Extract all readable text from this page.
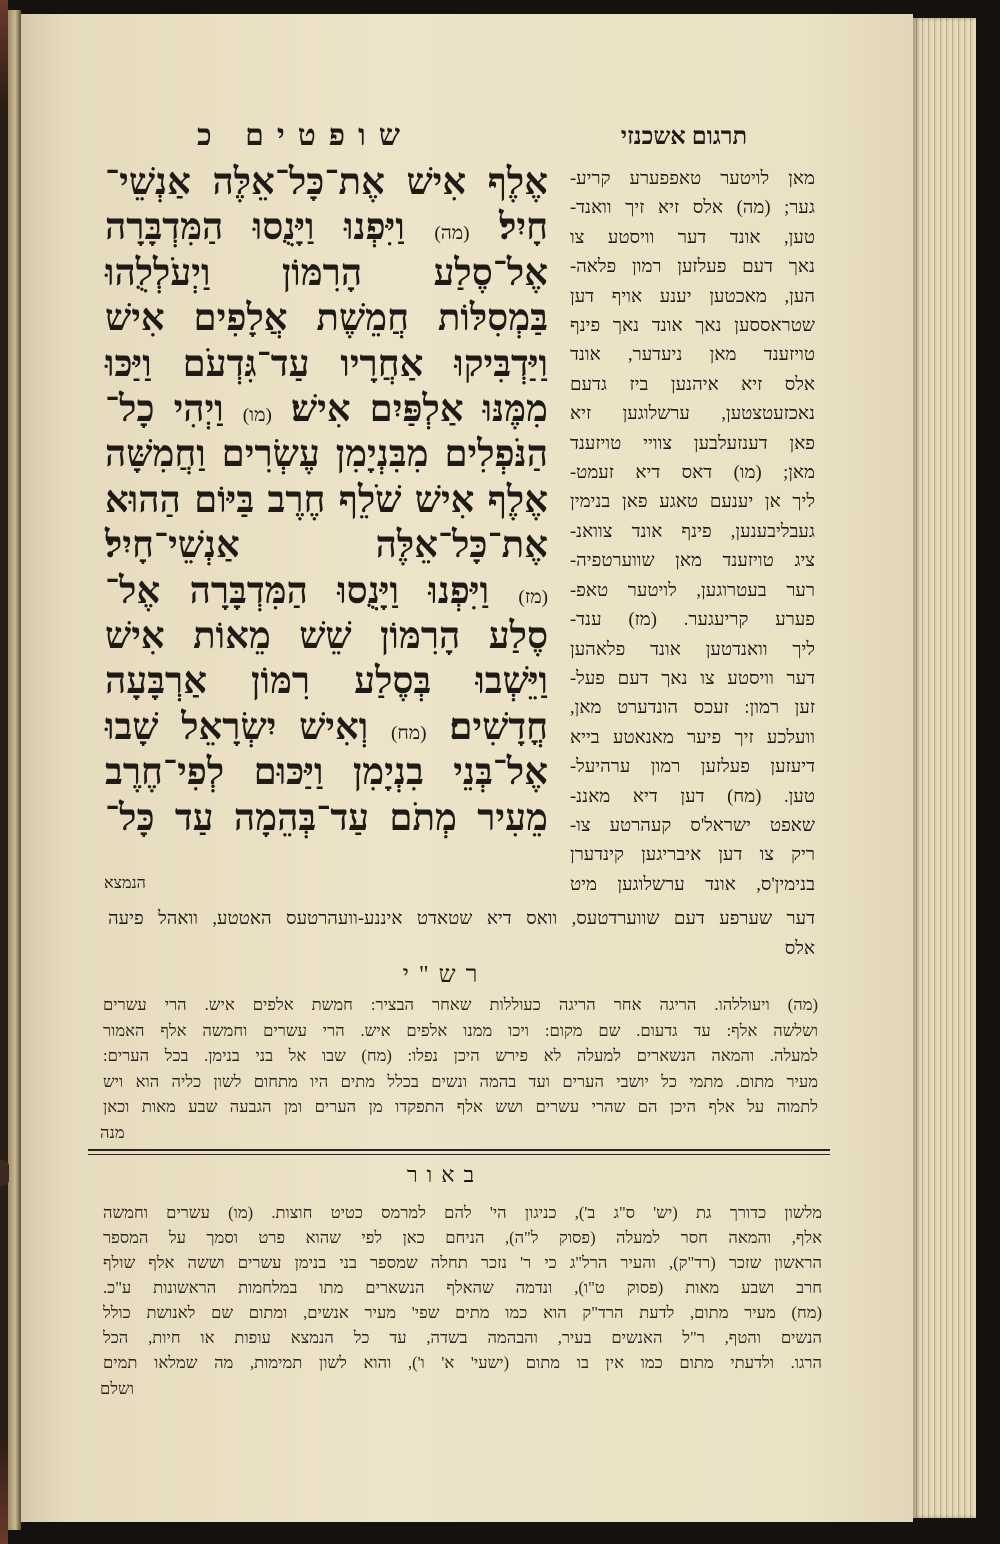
שופטים כ	תרגום אשכנזי
אֶלֶף אִישׁ אֶת־כָּל־אֵלֶּה אַנְשֵׁי־
חָיִל׃ (מה) וַיִּפְנוּ וַיָּנֻסוּ הַמִּדְבָּרָה
אֶל־סֶלַע הָרִמּוֹן וַיְעֹלְלֻהוּ
בַּמְסִלּוֹת חֲמֵשֶׁת אֲלָפִים אִישׁ
וַיַּדְבִּיקוּ אַחֲרָיו עַד־גִּדְעֹם וַיַּכּוּ
מִמֶּנּוּ אַלְפַּיִם אִישׁ׃ (מו) וַיְהִי כָל־
הַנֹּפְלִים מִבִּנְיָמִן עֶשְׂרִים וַחֲמִשָּׁה
אֶלֶף אִישׁ שֹׁלֵף חֶרֶב בַּיּוֹם הַהוּא
אֶת־כָּל־אֵלֶּה אַנְשֵׁי־חָיִל׃
(מז) וַיִּפְנוּ וַיָּנֻסוּ הַמִּדְבָּרָה אֶל־
סֶלַע הָרִמּוֹן שֵׁשׁ מֵאוֹת אִישׁ
וַיֵּשְׁבוּ בְּסֶלַע רִמּוֹן אַרְבָּעָה
חֳדָשִׁים׃ (מח) וְאִישׁ יִשְׂרָאֵל שָׁבוּ
אֶל־בְּנֵי בִנְיָמִן וַיַּכּוּם לְפִי־חֶרֶב
מֵעִיר מְתֹם עַד־בְּהֵמָה עַד כָּל־
הנמצא
מאן לויטער טאפפערע קריע-
גער; (מה) אלס זיא זיך וואנד-
טען, אונד דער וויסטע צו
נאך דעם פעלזען רמון פלאה-
הען, מאכטען יענע אויף דען
שטראססען נאך אונד נאך פינף
טויזענד מאן ניעדער, אונד
אלס זיא איהנען ביז גדעם
נאכזעטצטען, ערשלוגען זיא
פאן דענזעלבען צוויי טויזענד
מאן; (מו) דאס דיא זעמט-
ליך אן יענעם טאגע פאן בנימין
געבליבענען, פינף אונד צוואנ-
ציג טויזענד מאן שווערטפיה-
רער בעטרוגען, לויטער טאפ-
פערע קריעגער. (מז) ענד-
ליך וואנדטען אונד פלאהען
דער וויסטע צו נאך דעם פעל-
זען רמון: זעכס הונדערט מאן,
וועלכע זיך פיער מאנאטע בייא
דיעזען פעלזען רמון ערהיעל-
טען. (מח) דען דיא מאננ-
שאפט ישראל'ס קעהרטע צו-
ריק צו דען איבריגען קינדערן
בנימין'ס, אונד ערשלוגען מיט
דער שערפע דעם שווערדטעס, וואס דיא שטאדט איננע-וועהרטעס האטטע, וואהל פיעה
אלס
רש"י
(מה) ויעוללהו. הריגה אחר הריגה כעוללות שאחר הבציר: חמשת אלפים איש. הרי עשרים
ושלשה אלף: עד גדעום. שם מקום: ויכו ממנו אלפים איש. הרי עשרים וחמשה אלף האמור
למעלה. והמאה הנשארים למעלה לא פירש היכן נפלו: (מח) שבו אל בני בנימן. בכל הערים:
מעיר מתום. מתמי כל יושבי הערים ועד בהמה ונשים בכלל מתים היו מתחום לשון כליה הוא ויש
לתמוה על אלף היכן הם שהרי עשרים ושש אלף התפקדו מן הערים ומן הגבעה שבע מאות וכאן
מנה
באור
מלשון כדורך גת (יש' ס"ג ב'), כניגון הי' להם למרמס כטיט חוצות. (מו) עשרים וחמשה
אלף, והמאה חסר למעלה (פסוק ל"ה), הניחם כאן לפי שהוא פרט וסמך על המספר
הראשון שזכר (רד"ק), והעיר הרל"ג כי ר' נזכר תחלה שמספר בני בנימן עשרים וששה אלף שולף
חרב ושבע מאות (פסוק ט"ו), ונדמה שהאלף הנשארים מתו במלחמות הראשונות ע"כ.
(מח) מעיר מתום, לדעת הרד"ק הוא כמו מתים שפי' מעיר אנשים, ומתום שם לאנושת כולל
הנשים והטף, ר"ל האנשים בעיר, והבהמה בשדה, עד כל הנמצא עופות או חיות, הכל
הרגו. ולדעתי מתום כמו אין בו מתום (ישעי' א' ו'), והוא לשון תמימות, מה שמלאו תמים
ושלם
